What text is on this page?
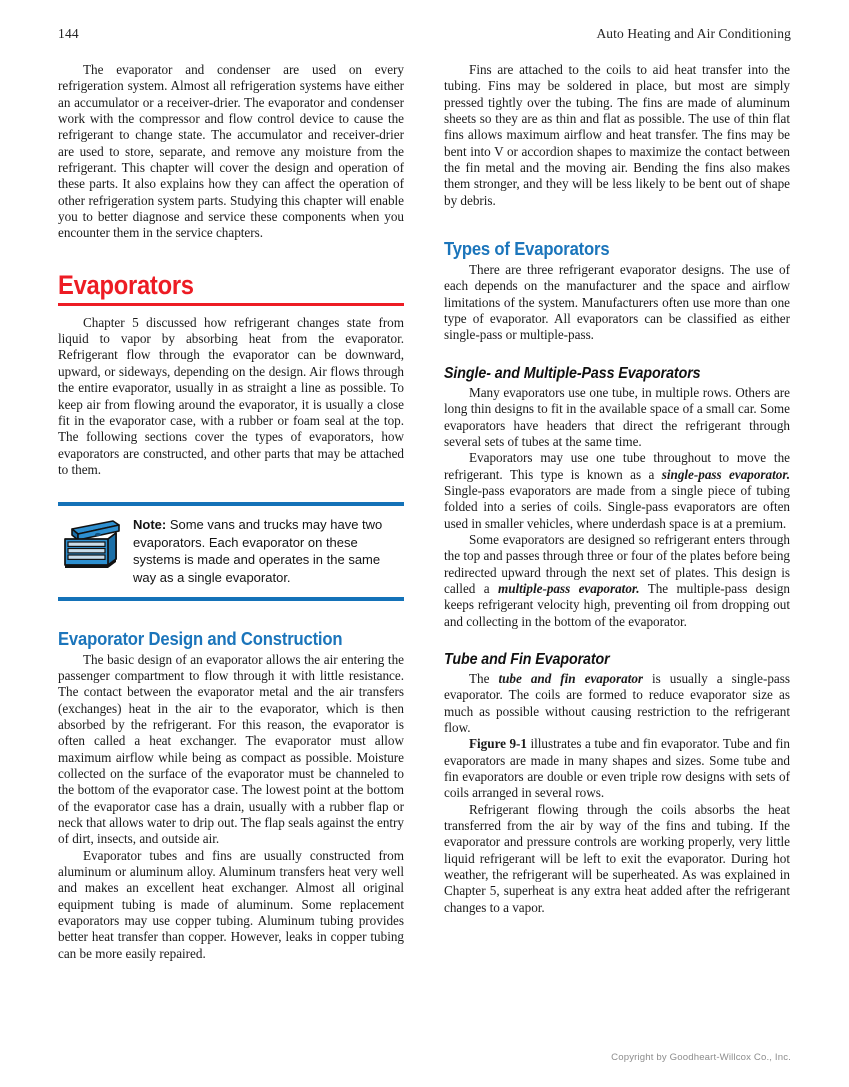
144	Auto Heating and Air Conditioning

The evaporator and condenser are used on every refrigeration system. Almost all refrigeration systems have either an accumulator or a receiver-drier. The evaporator and condenser work with the compressor and flow control device to cause the refrigerant to change state. The accumulator and receiver-drier are used to store, separate, and remove any moisture from the refrigerant. This chapter will cover the design and operation of these parts. It also explains how they can affect the operation of other refrigeration system parts. Studying this chapter will enable you to better diagnose and service these components when you encounter them in the service chapters.

Evaporators

Chapter 5 discussed how refrigerant changes state from liquid to vapor by absorbing heat from the evaporator. Refrigerant flow through the evaporator can be downward, upward, or sideways, depending on the design. Air flows through the entire evaporator, usually in as straight a line as possible. To keep air from flowing around the evaporator, it is usually a close fit in the evaporator case, with a rubber or foam seal at the top. The following sections cover the types of evaporators, how evaporators are constructed, and other parts that may be attached to them.

Note: Some vans and trucks may have two evaporators. Each evaporator on these systems is made and operates in the same way as a single evaporator.
Evaporator Design and Construction

The basic design of an evaporator allows the air entering the passenger compartment to flow through it with little resistance. The contact between the evaporator metal and the air transfers (exchanges) heat in the air to the evaporator, which is then absorbed by the refrigerant. For this reason, the evaporator is often called a heat exchanger. The evaporator must allow maximum airflow while being as compact as possible. Moisture collected on the surface of the evaporator must be channeled to the bottom of the evaporator case. The lowest point at the bottom of the evaporator case has a drain, usually with a rubber flap or neck that allows water to drip out. The flap seals against the entry of dirt, insects, and outside air.

Evaporator tubes and fins are usually constructed from aluminum or aluminum alloy. Aluminum transfers heat very well and makes an excellent heat exchanger. Almost all original equipment tubing is made of aluminum. Some replacement evaporators may use copper tubing. Aluminum tubing provides better heat transfer than copper. However, leaks in copper tubing can be more easily repaired.

Fins are attached to the coils to aid heat transfer into the tubing. Fins may be soldered in place, but most are simply pressed tightly over the tubing. The fins are made of aluminum sheets so they are as thin and flat as possible. The use of thin flat fins allows maximum airflow and heat transfer. The fins may be bent into V or accordion shapes to maximize the contact between the fin metal and the moving air. Bending the fins also makes them stronger, and they will be less likely to be bent out of shape by debris.

Types of Evaporators

There are three refrigerant evaporator designs. The use of each depends on the manufacturer and the space and airflow limitations of the system. Manufacturers often use more than one type of evaporator. All evaporators can be classified as either single-pass or multiple-pass.

Single- and Multiple-Pass Evaporators

Many evaporators use one tube, in multiple rows. Others are long thin designs to fit in the available space of a small car. Some evaporators have headers that direct the refrigerant through several sets of tubes at the same time.

Evaporators may use one tube throughout to move the refrigerant. This type is known as a single-pass evaporator. Single-pass evaporators are made from a single piece of tubing folded into a series of coils. Single-pass evaporators are often used in smaller vehicles, where underdash space is at a premium.

Some evaporators are designed so refrigerant enters through the top and passes through three or four of the plates before being redirected upward through the next set of plates. This design is called a multiple-pass evaporator. The multiple-pass design keeps refrigerant velocity high, preventing oil from dropping out and collecting in the bottom of the evaporator.

Tube and Fin Evaporator

The tube and fin evaporator is usually a single-pass evaporator. The coils are formed to reduce evaporator size as much as possible without causing restriction to the refrigerant flow.

Figure 9-1 illustrates a tube and fin evaporator. Tube and fin evaporators are made in many shapes and sizes. Some tube and fin evaporators are double or even triple row designs with sets of coils arranged in several rows.

Refrigerant flowing through the coils absorbs the heat transferred from the air by way of the fins and tubing. If the evaporator and pressure controls are working properly, very little liquid refrigerant will be left to exit the evaporator. During hot weather, the refrigerant will be superheated. As was explained in Chapter 5, superheat is any extra heat added after the refrigerant changes to a vapor.

Copyright by Goodheart-Willcox Co., Inc.
